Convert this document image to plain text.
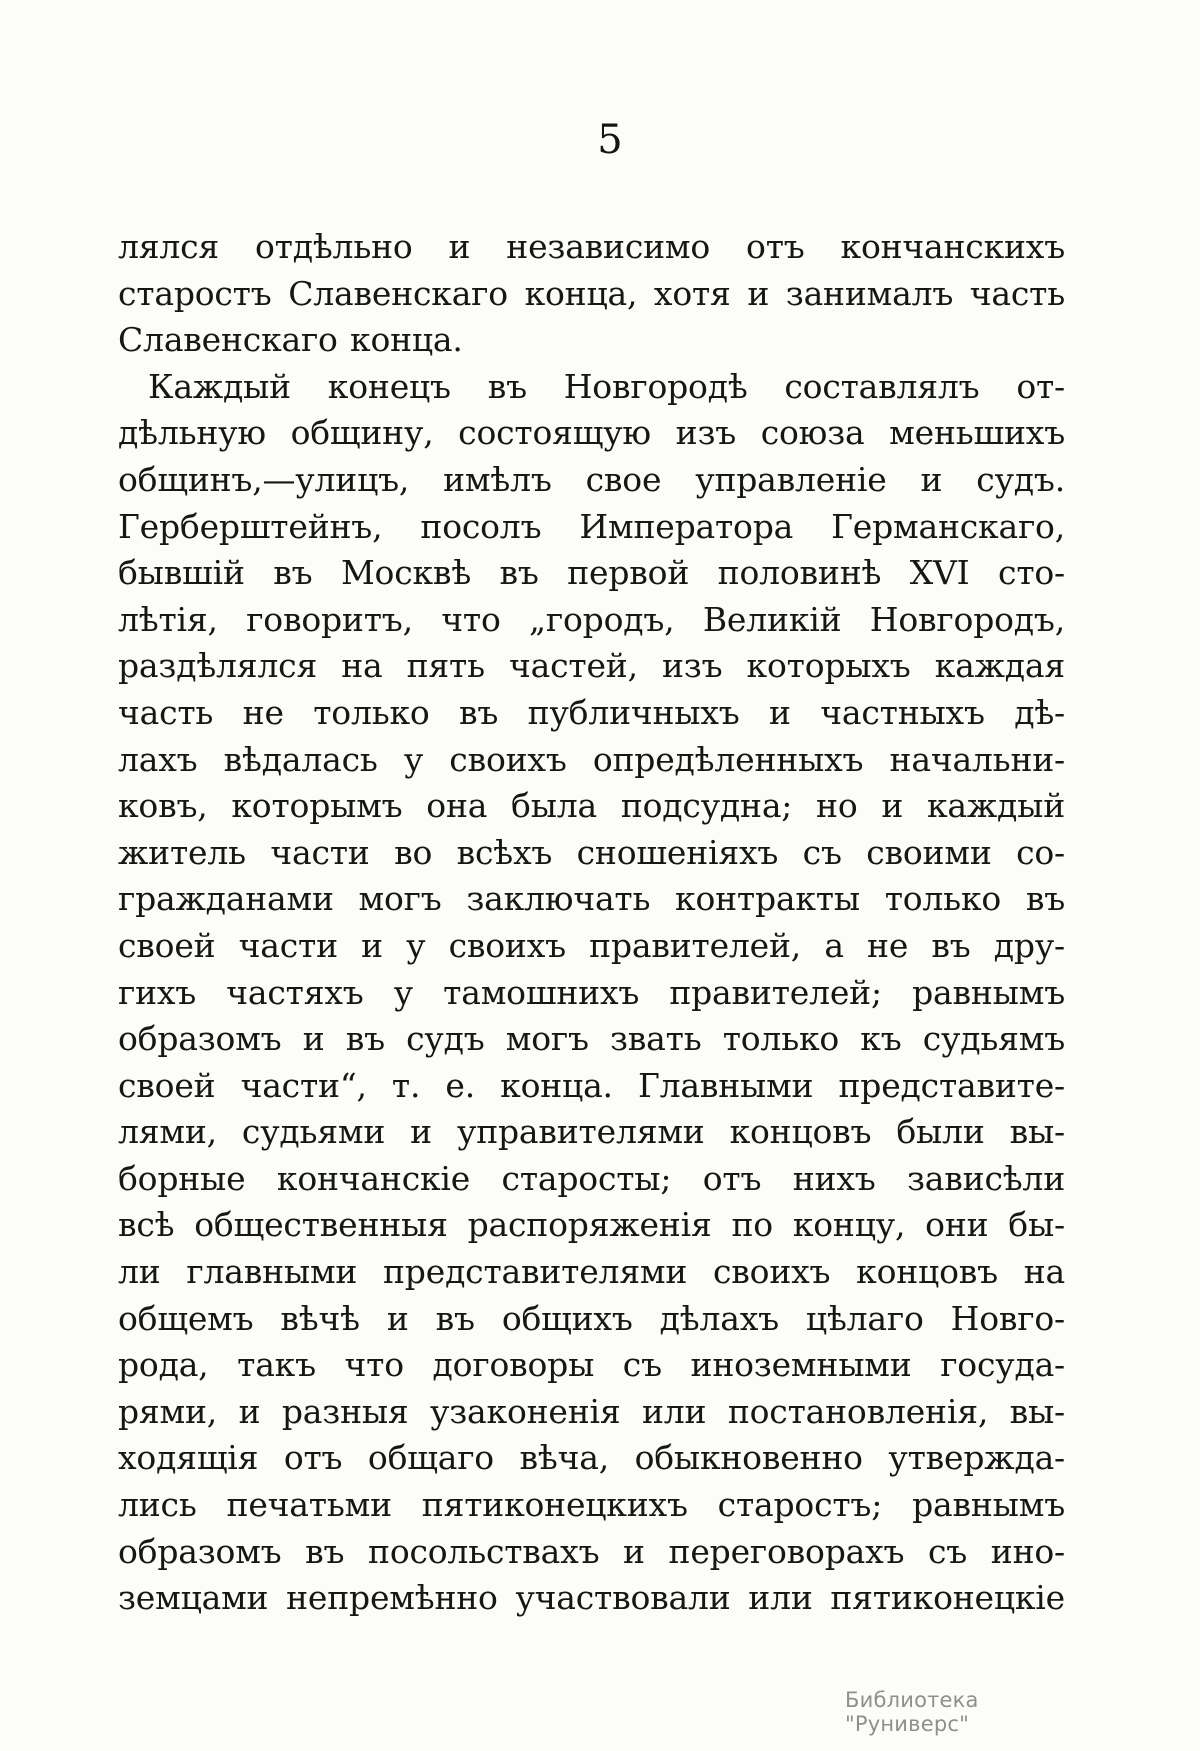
5
лялся отдѣльно и независимо отъ кончанскихъ
старостъ Славенскаго конца, хотя и занималъ часть
Славенскаго конца.
Каждый конецъ въ Новгородѣ составлялъ от-
дѣльную общину, состоящую изъ союза меньшихъ
общинъ,—улицъ, имѣлъ свое управленіе и судъ.
Герберштейнъ, посолъ Императора Германскаго,
бывшій въ Москвѣ въ первой половинѣ XVI сто-
лѣтія, говоритъ, что „городъ, Великій Новгородъ,
раздѣлялся на пять частей, изъ которыхъ каждая
часть не только въ публичныхъ и частныхъ дѣ-
лахъ вѣдалась у своихъ опредѣленныхъ начальни-
ковъ, которымъ она была подсудна; но и каждый
житель части во всѣхъ сношеніяхъ съ своими со-
гражданами могъ заключать контракты только въ
своей части и у своихъ правителей, а не въ дру-
гихъ частяхъ у тамошнихъ правителей; равнымъ
образомъ и въ судъ могъ звать только къ судьямъ
своей части“, т. е. конца. Главными представите-
лями, судьями и управителями концовъ были вы-
борные кончанскіе старосты; отъ нихъ зависѣли
всѣ общественныя распоряженія по концу, они бы-
ли главными представителями своихъ концовъ на
общемъ вѣчѣ и въ общихъ дѣлахъ цѣлаго Новго-
рода, такъ что договоры съ иноземными госуда-
рями, и разныя узаконенія или постановленія, вы-
ходящія отъ общаго вѣча, обыкновенно утвержда-
лись печатьми пятиконецкихъ старостъ; равнымъ
образомъ въ посольствахъ и переговорахъ съ ино-
земцами непремѣнно участвовали или пятиконецкіе
Библиотека "Руниверс"
